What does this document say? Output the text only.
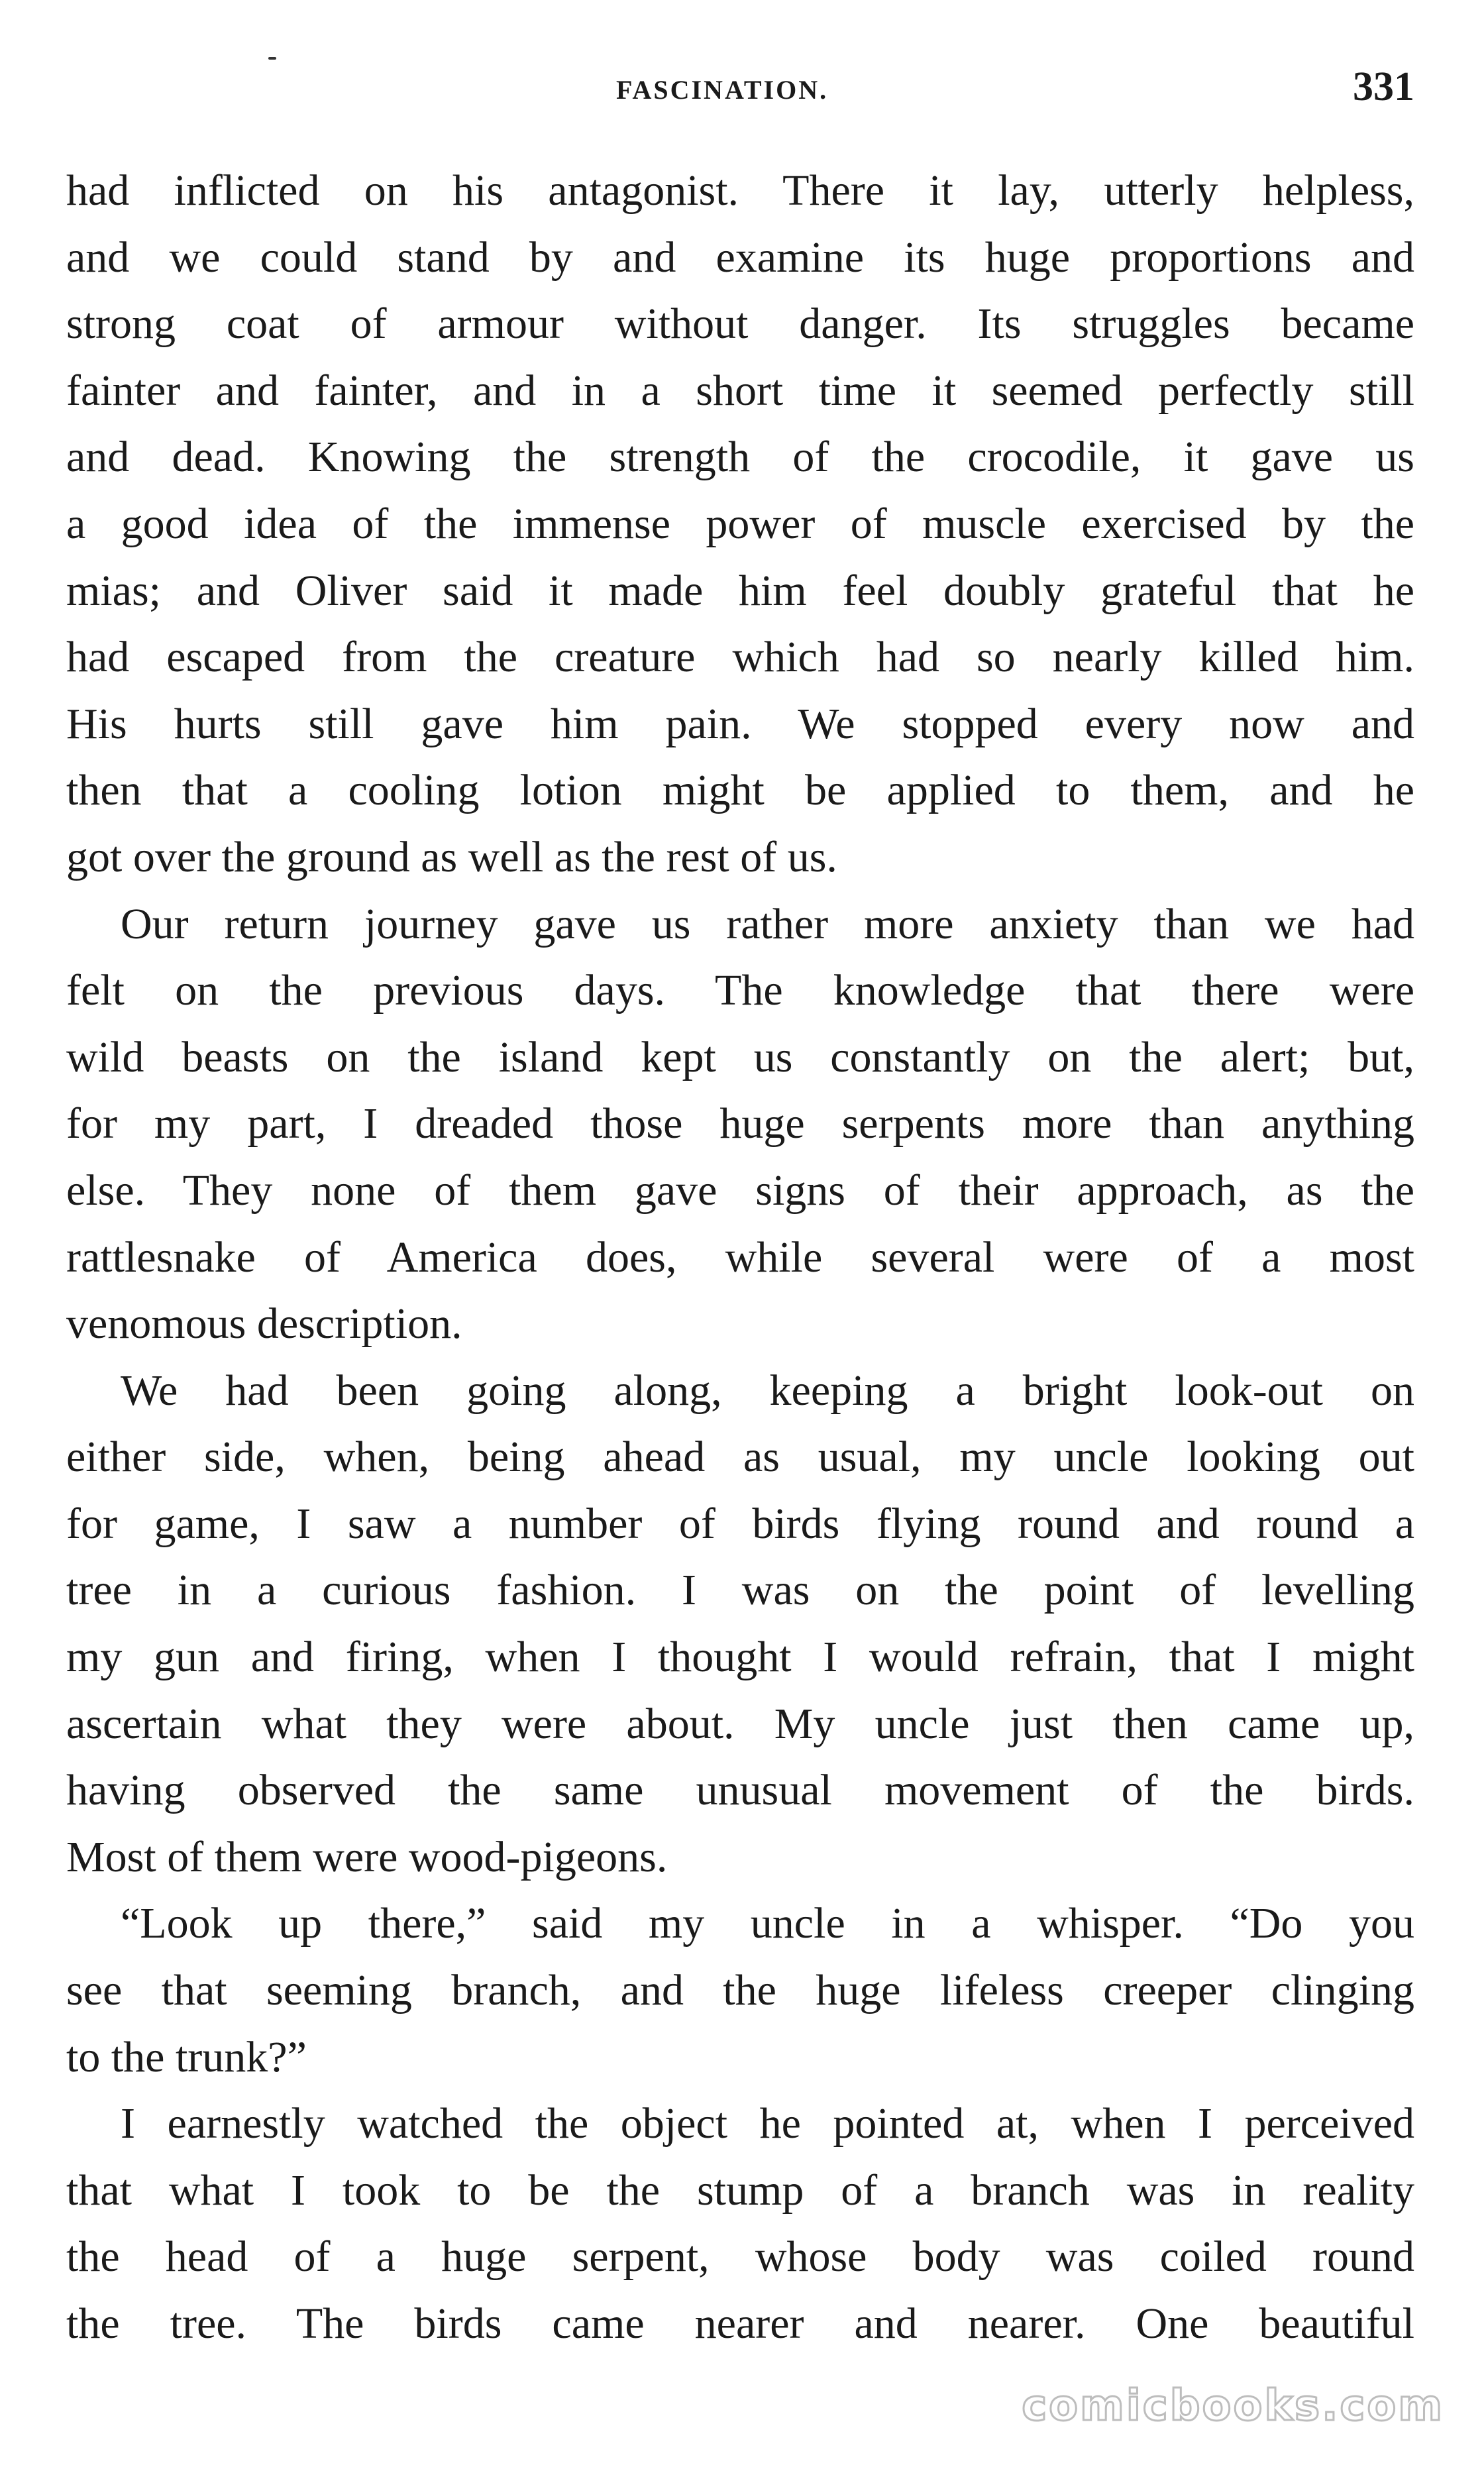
FASCINATION.	331
had inflicted on his antagonist. There it lay, utterly helpless,
and we could stand by and examine its huge proportions and
strong coat of armour without danger. Its struggles became
fainter and fainter, and in a short time it seemed perfectly still
and dead. Knowing the strength of the crocodile, it gave us
a good idea of the immense power of muscle exercised by the
mias; and Oliver said it made him feel doubly grateful that he
had escaped from the creature which had so nearly killed him.
His hurts still gave him pain. We stopped every now and
then that a cooling lotion might be applied to them, and he
got over the ground as well as the rest of us.
Our return journey gave us rather more anxiety than we had
felt on the previous days. The knowledge that there were
wild beasts on the island kept us constantly on the alert; but,
for my part, I dreaded those huge serpents more than anything
else. They none of them gave signs of their approach, as the
rattlesnake of America does, while several were of a most
venomous description.
We had been going along, keeping a bright look-out on
either side, when, being ahead as usual, my uncle looking out
for game, I saw a number of birds flying round and round a
tree in a curious fashion. I was on the point of levelling
my gun and firing, when I thought I would refrain, that I might
ascertain what they were about. My uncle just then came up,
having observed the same unusual movement of the birds.
Most of them were wood-pigeons.
“Look up there,” said my uncle in a whisper. “Do you
see that seeming branch, and the huge lifeless creeper clinging
to the trunk?”
I earnestly watched the object he pointed at, when I perceived
that what I took to be the stump of a branch was in reality
the head of a huge serpent, whose body was coiled round
the tree. The birds came nearer and nearer. One beautiful
comicbooks.com
